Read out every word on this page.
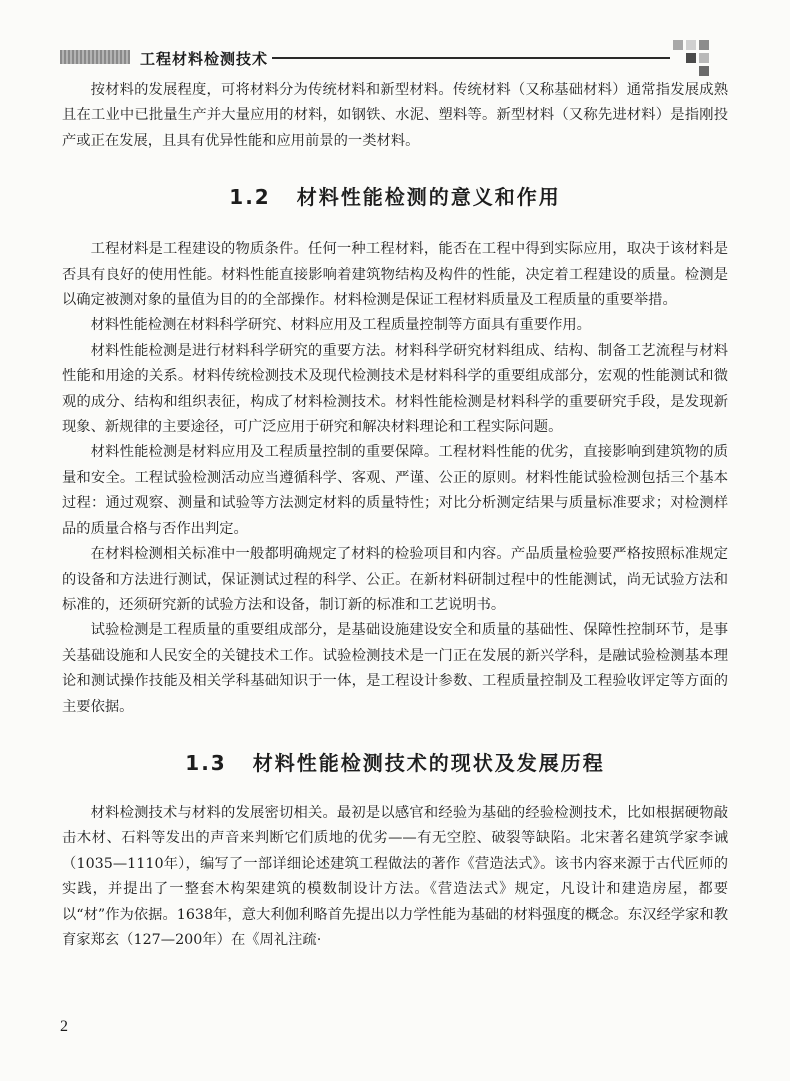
工程材料检测技术

按材料的发展程度，可将材料分为传统材料和新型材料。传统材料（又称基础材料）通常指发展成熟且在工业中已批量生产并大量应用的材料，如钢铁、水泥、塑料等。新型材料（又称先进材料）是指刚投产或正在发展，且具有优异性能和应用前景的一类材料。

1.2 材料性能检测的意义和作用

工程材料是工程建设的物质条件。任何一种工程材料，能否在工程中得到实际应用，取决于该材料是否具有良好的使用性能。材料性能直接影响着建筑物结构及构件的性能，决定着工程建设的质量。检测是以确定被测对象的量值为目的的全部操作。材料检测是保证工程材料质量及工程质量的重要举措。

材料性能检测在材料科学研究、材料应用及工程质量控制等方面具有重要作用。

材料性能检测是进行材料科学研究的重要方法。材料科学研究材料组成、结构、制备工艺流程与材料性能和用途的关系。材料传统检测技术及现代检测技术是材料科学的重要组成部分，宏观的性能测试和微观的成分、结构和组织表征，构成了材料检测技术。材料性能检测是材料科学的重要研究手段，是发现新现象、新规律的主要途径，可广泛应用于研究和解决材料理论和工程实际问题。

材料性能检测是材料应用及工程质量控制的重要保障。工程材料性能的优劣，直接影响到建筑物的质量和安全。工程试验检测活动应当遵循科学、客观、严谨、公正的原则。材料性能试验检测包括三个基本过程：通过观察、测量和试验等方法测定材料的质量特性；对比分析测定结果与质量标准要求；对检测样品的质量合格与否作出判定。

在材料检测相关标准中一般都明确规定了材料的检验项目和内容。产品质量检验要严格按照标准规定的设备和方法进行测试，保证测试过程的科学、公正。在新材料研制过程中的性能测试，尚无试验方法和标准的，还须研究新的试验方法和设备，制订新的标准和工艺说明书。

试验检测是工程质量的重要组成部分，是基础设施建设安全和质量的基础性、保障性控制环节，是事关基础设施和人民安全的关键技术工作。试验检测技术是一门正在发展的新兴学科，是融试验检测基本理论和测试操作技能及相关学科基础知识于一体，是工程设计参数、工程质量控制及工程验收评定等方面的主要依据。

1.3 材料性能检测技术的现状及发展历程

材料检测技术与材料的发展密切相关。最初是以感官和经验为基础的经验检测技术，比如根据硬物敲击木材、石料等发出的声音来判断它们质地的优劣——有无空腔、破裂等缺陷。北宋著名建筑学家李诫（1035—1110年），编写了一部详细论述建筑工程做法的著作《营造法式》。该书内容来源于古代匠师的实践，并提出了一整套木构架建筑的模数制设计方法。《营造法式》规定，凡设计和建造房屋，都要以“材”作为依据。1638年，意大利伽利略首先提出以力学性能为基础的材料强度的概念。东汉经学家和教育家郑玄（127—200年）在《周礼注疏·

2
